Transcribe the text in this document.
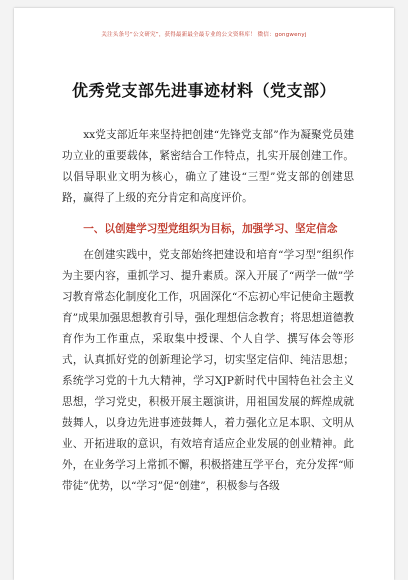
关注头条号“公文研究”，获得最新最全最专业的公文资料库！ 微信：gongwenyj
优秀党支部先进事迹材料（党支部）

xx党支部近年来坚持把创建“先锋党支部”作为凝聚党员建功立业的重要载体，紧密结合工作特点，扎实开展创建工作。以倡导职业文明为核心，确立了建设“三型”党支部的创建思路，赢得了上级的充分肯定和高度评价。

一、以创建学习型党组织为目标，加强学习、坚定信念

在创建实践中，党支部始终把建设和培育“学习型”组织作为主要内容，重抓学习、提升素质。深入开展了“两学一做”学习教育常态化制度化工作，巩固深化“不忘初心牢记使命主题教育”成果加强思想教育引导，强化理想信念教育；将思想道德教育作为工作重点，采取集中授课、个人自学、撰写体会等形式，认真抓好党的创新理论学习，切实坚定信仰、纯洁思想；系统学习党的十九大精神，学习XJP新时代中国特色社会主义思想，学习党史，积极开展主题演讲，用祖国发展的辉煌成就鼓舞人，以身边先进事迹鼓舞人，着力强化立足本职、文明从业、开拓进取的意识，有效培育适应企业发展的创业精神。此外，在业务学习上常抓不懈，积极搭建互学平台，充分发挥“师带徒”优势，以“学习”促“创建”，积极参与各级
